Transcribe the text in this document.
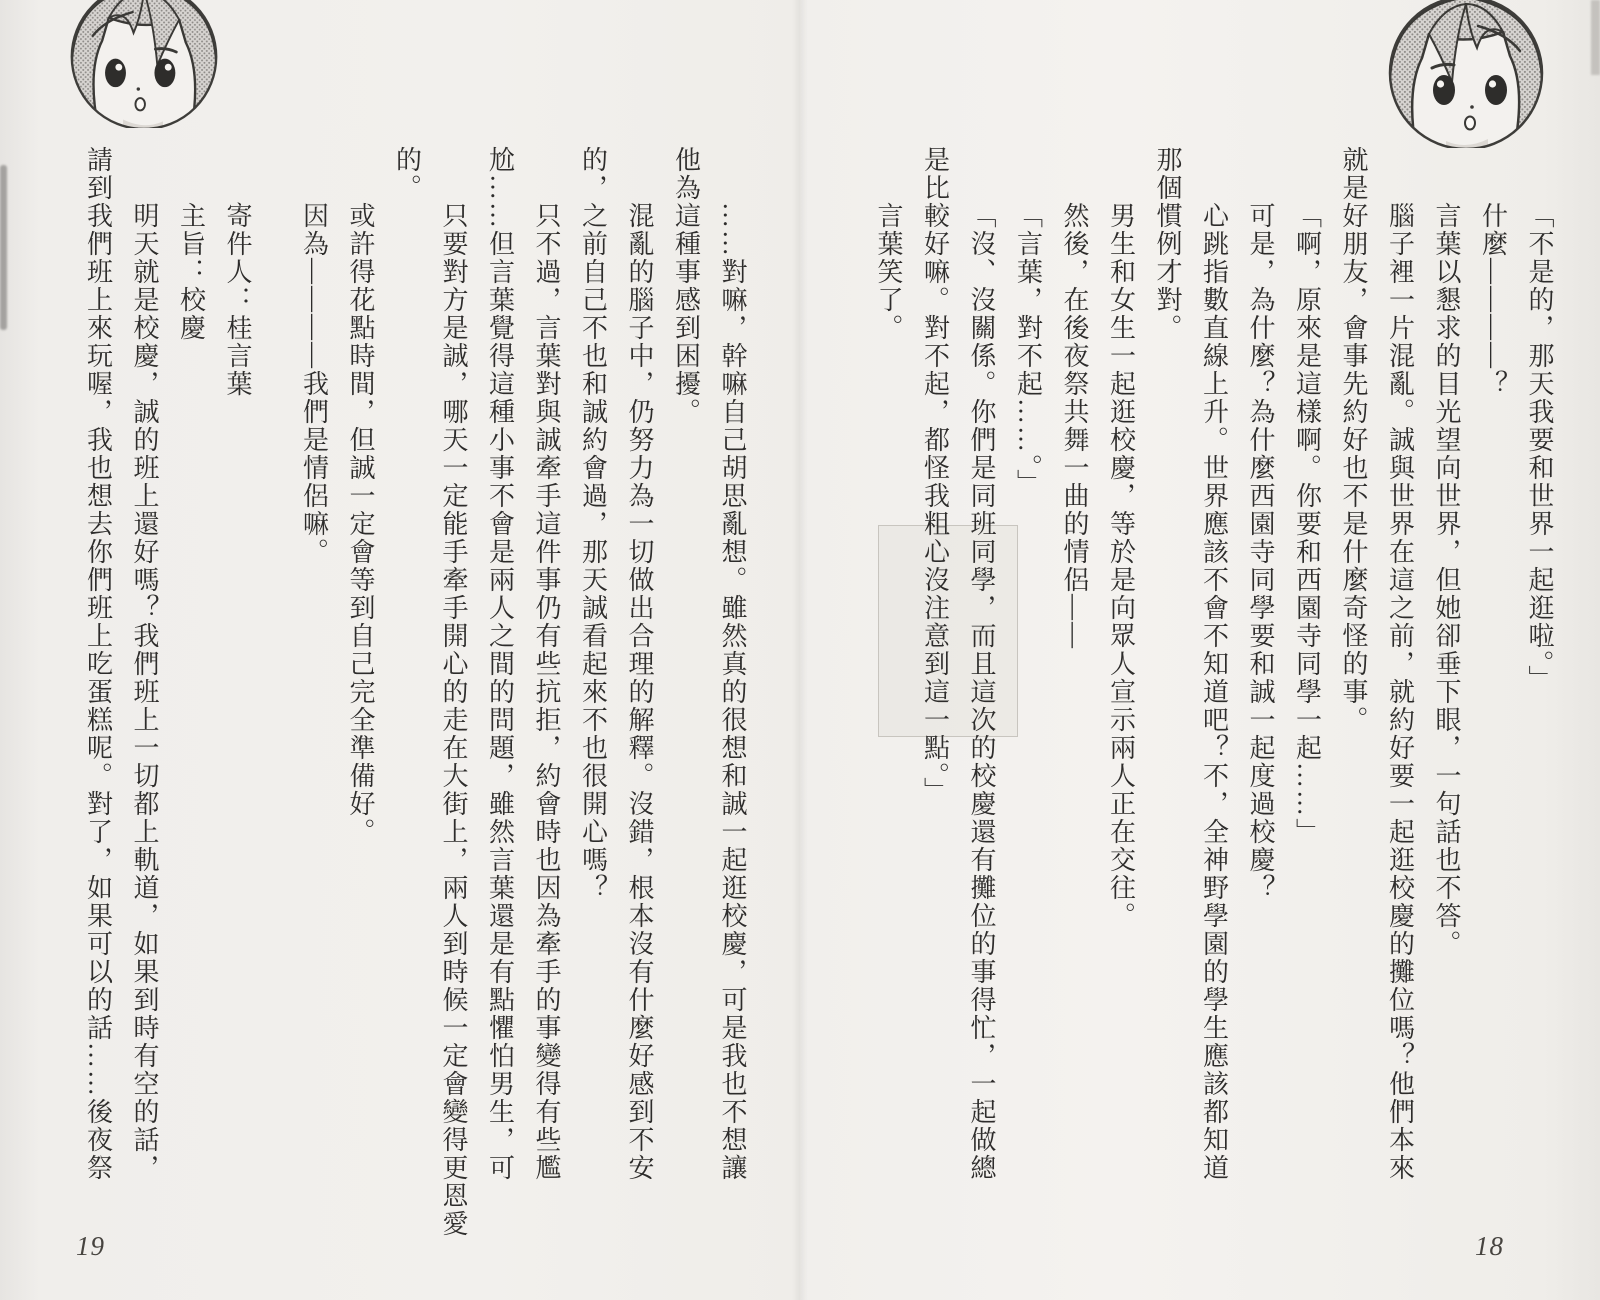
19
……對嘛，幹嘛自己胡思亂想。雖然真的很想和誠一起逛校慶，可是我也不想讓
他為這種事感到困擾。
混亂的腦子中，仍努力為一切做出合理的解釋。沒錯，根本沒有什麼好感到不安
的，之前自己不也和誠約會過，那天誠看起來不也很開心嗎？
只不過，言葉對與誠牽手這件事仍有些抗拒，約會時也因為牽手的事變得有些尷
尬……但言葉覺得這種小事不會是兩人之間的問題，雖然言葉還是有點懼怕男生，可
只要對方是誠，哪天一定能手牽手開心的走在大街上，兩人到時候一定會變得更恩愛
的。
或許得花點時間，但誠一定會等到自己完全準備好。
因為————我們是情侶嘛。
寄件人：桂言葉
主旨：校慶
明天就是校慶，誠的班上還好嗎？我們班上一切都上軌道，如果到時有空的話，
請到我們班上來玩喔，我也想去你們班上吃蛋糕呢。對了，如果可以的話……後夜祭
18
「不是的，那天我要和世界一起逛啦。」
什麼————？
言葉以懇求的目光望向世界，但她卻垂下眼，一句話也不答。
腦子裡一片混亂。誠與世界在這之前，就約好要一起逛校慶的攤位嗎？他們本來
就是好朋友，會事先約好也不是什麼奇怪的事。
「啊，原來是這樣啊。你要和西園寺同學一起……」
可是，為什麼？為什麼西園寺同學要和誠一起度過校慶？
心跳指數直線上升。世界應該不會不知道吧？不，全神野學園的學生應該都知道
那個慣例才對。
男生和女生一起逛校慶，等於是向眾人宣示兩人正在交往。
然後，在後夜祭共舞一曲的情侶——
「言葉，對不起……。」
「沒、沒關係。你們是同班同學，而且這次的校慶還有攤位的事得忙，一起做總
是比較好嘛。對不起，都怪我粗心沒注意到這一點。」
言葉笑了。
